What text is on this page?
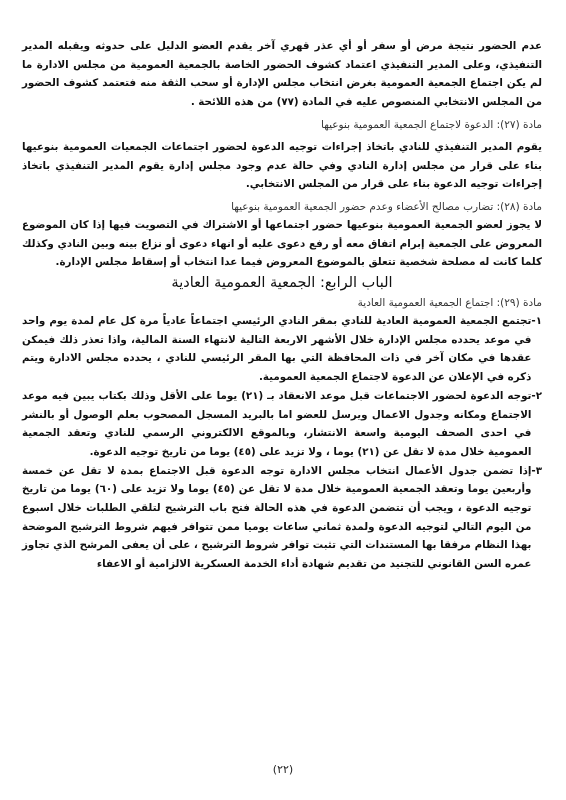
عدم الحضور نتيجة مرض أو سفر أو أي عذر قهري آخر يقدم العضو الدليل على حدوثه ويقبله المدير التنفيذي، وعلى المدير التنفيذي اعتماد كشوف الحضور الخاصة بالجمعية العمومية من مجلس الادارة ما لم يكن اجتماع الجمعية العمومية بغرض انتخاب مجلس الإدارة أو سحب الثقة منه فتعتمد كشوف الحضور من المجلس الانتخابي المنصوص عليه في المادة (٧٧) من هذه اللائحة .

مادة (٢٧): الدعوة لاجتماع الجمعية العمومية بنوعيها

يقوم المدير التنفيذي للنادي باتخاذ إجراءات توجيه الدعوة لحضور اجتماعات الجمعيات العمومية بنوعيها بناء على قرار من مجلس إدارة النادي وفي حالة عدم وجود مجلس إدارة يقوم المدير التنفيذي باتخاذ إجراءات توجيه الدعوة بناء على قرار من المجلس الانتخابي.

مادة (٢٨): تضارب مصالح الأعضاء وعدم حضور الجمعية العمومية بنوعيها

لا يجوز لعضو الجمعية العمومية بنوعيها حضور اجتماعها أو الاشتراك في التصويت فيها إذا كان الموضوع المعروض على الجمعية إبرام اتفاق معه أو رفع دعوى عليه أو انهاء دعوى أو نزاع بينه وبين النادي وكذلك كلما كانت له مصلحة شخصية تتعلق بالموضوع المعروض فيما عدا انتخاب أو إسقاط مجلس الإدارة.

الباب الرابع: الجمعية العمومية العادية

مادة (٢٩): اجتماع الجمعية العمومية العادية

١-

تجتمع الجمعية العمومية العادية للنادي بمقر النادي الرئيسي اجتماعاً عادياً مرة كل عام لمدة يوم واحد في موعد يحدده مجلس الإدارة خلال الأشهر الاربعة التالية لانتهاء السنة المالية، واذا تعذر ذلك فيمكن عقدها في مكان آخر في ذات المحافظة التي بها المقر الرئيسي للنادي ، يحدده مجلس الادارة ويتم ذكره في الإعلان عن الدعوة لاجتماع الجمعية العمومية.

٢-

توجه الدعوة لحضور الاجتماعات قبل موعد الانعقاد بـ (٢١) يوما على الأقل وذلك بكتاب يبين فيه موعد الاجتماع ومكانه وجدول الاعمال ويرسل للعضو اما بالبريد المسجل المصحوب بعلم الوصول أو بالنشر في احدى الصحف اليومية واسعة الانتشار، وبالموقع الالكتروني الرسمي للنادي وتعقد الجمعية العمومية خلال مدة لا تقل عن (٢١) يوما ، ولا تزيد على (٤٥) يوما من تاريخ توجيه الدعوة.

٣-

إذا تضمن جدول الأعمال انتخاب مجلس الادارة توجه الدعوة قبل الاجتماع بمدة لا تقل عن خمسة وأربعين يوما وتعقد الجمعية العمومية خلال مدة لا تقل عن (٤٥) يوما ولا تزيد على (٦٠) يوما من تاريخ توجيه الدعوة ، ويجب أن تتضمن الدعوة في هذه الحالة فتح باب الترشيح لتلقي الطلبات خلال اسبوع من اليوم التالي لتوجيه الدعوة ولمدة ثماني ساعات يوميا ممن تتوافر فيهم شروط الترشيح الموضحة بهذا النظام مرفقا بها المستندات التي تثبت توافر شروط الترشيح ، على أن يعفى المرشح الذي تجاوز عمره السن القانوني للتجنيد من تقديم شهادة أداء الخدمة العسكرية الالزامية أو الاعفاء

(٢٢)
